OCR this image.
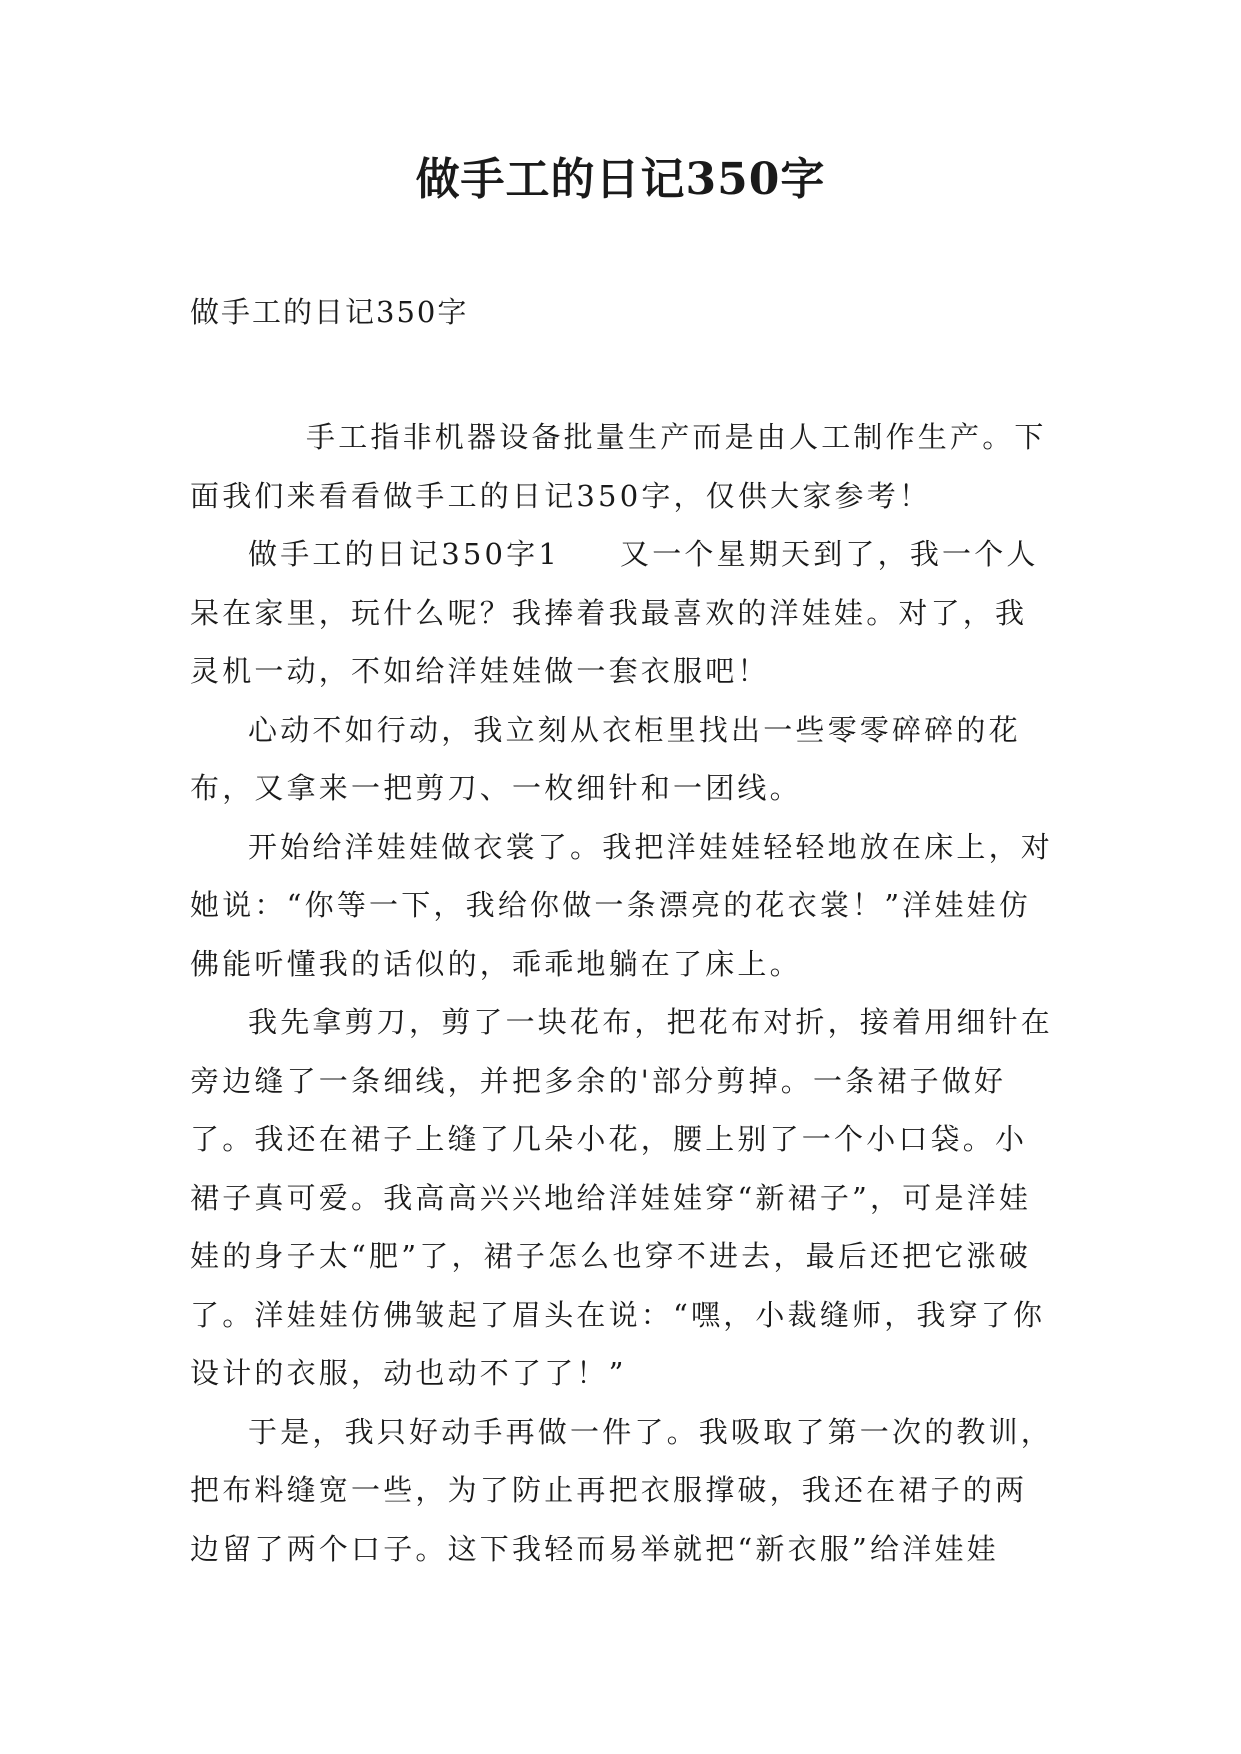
做手工的日记350字
做手工的日记350字

手工指非机器设备批量生产而是由人工制作生产。下面我们来看看做手工的日记350字，仅供大家参考！

做手工的日记350字1 又一个星期天到了，我一个人呆在家里，玩什么呢？我捧着我最喜欢的洋娃娃。对了，我灵机一动，不如给洋娃娃做一套衣服吧！

心动不如行动，我立刻从衣柜里找出一些零零碎碎的花布，又拿来一把剪刀、一枚细针和一团线。

开始给洋娃娃做衣裳了。我把洋娃娃轻轻地放在床上，对她说：“你等一下，我给你做一条漂亮的花衣裳！”洋娃娃仿佛能听懂我的话似的，乖乖地躺在了床上。

我先拿剪刀，剪了一块花布，把花布对折，接着用细针在旁边缝了一条细线，并把多余的'部分剪掉。一条裙子做好了。我还在裙子上缝了几朵小花，腰上别了一个小口袋。小裙子真可爱。我高高兴兴地给洋娃娃穿“新裙子”，可是洋娃娃的身子太“肥”了，裙子怎么也穿不进去，最后还把它涨破了。洋娃娃仿佛皱起了眉头在说：“嘿，小裁缝师，我穿了你设计的衣服，动也动不了了！”

于是，我只好动手再做一件了。我吸取了第一次的教训，把布料缝宽一些，为了防止再把衣服撑破，我还在裙子的两边留了两个口子。这下我轻而易举就把“新衣服”给洋娃娃
